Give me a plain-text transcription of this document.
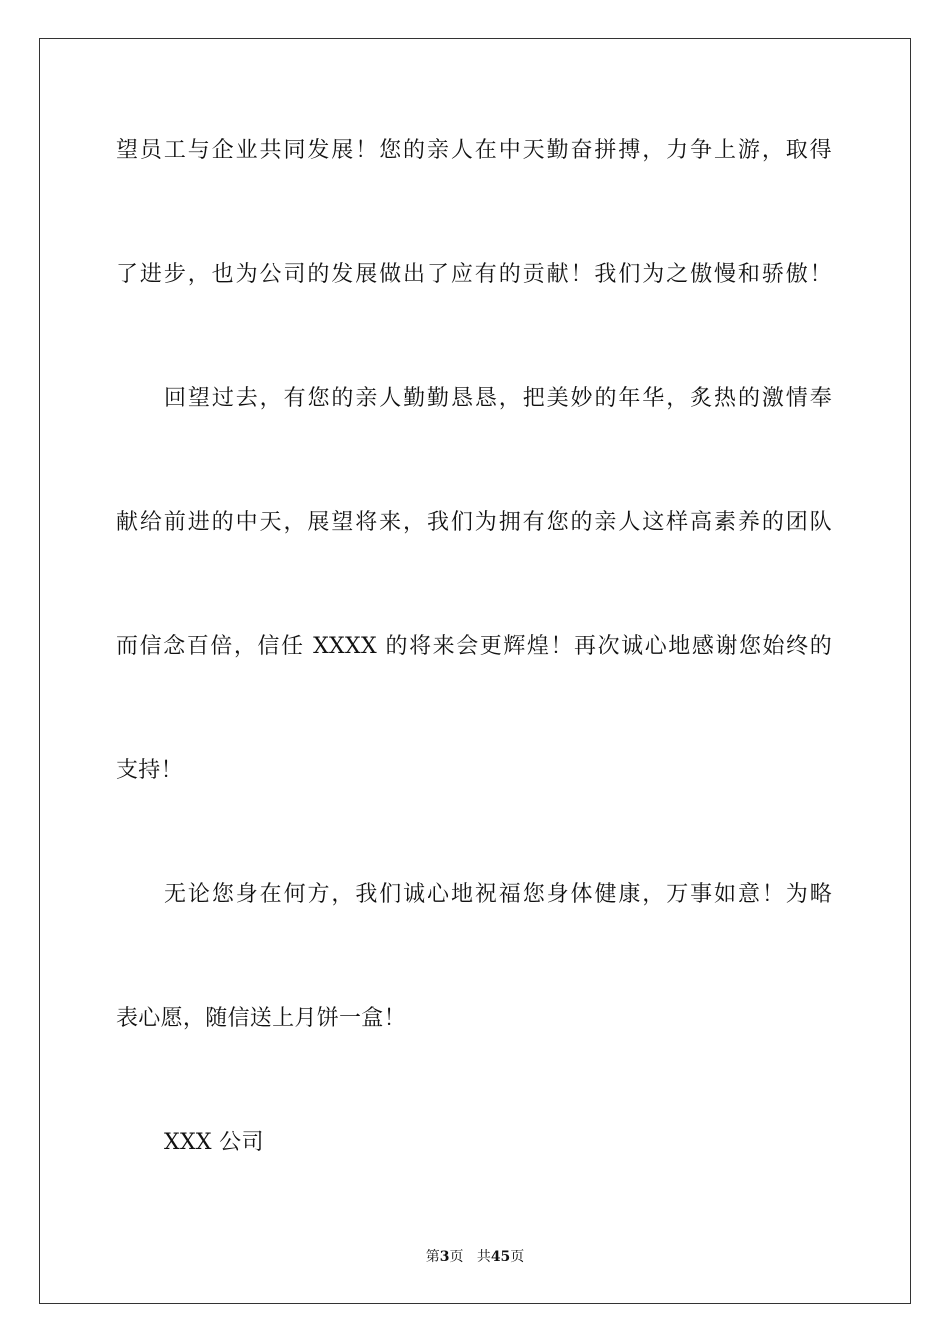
望员工与企业共同发展！您的亲人在中天勤奋拼搏，力争上游，取得
了进步，也为公司的发展做出了应有的贡献！我们为之傲慢和骄傲！
回望过去，有您的亲人勤勤恳恳，把美妙的年华，炙热的激情奉
献给前进的中天，展望将来，我们为拥有您的亲人这样高素养的团队
而信念百倍，信任 XXXX 的将来会更辉煌！再次诚心地感谢您始终的
支持！
无论您身在何方，我们诚心地祝福您身体健康，万事如意！为略
表心愿，随信送上月饼一盒！
XXX 公司
第3页 共45页
